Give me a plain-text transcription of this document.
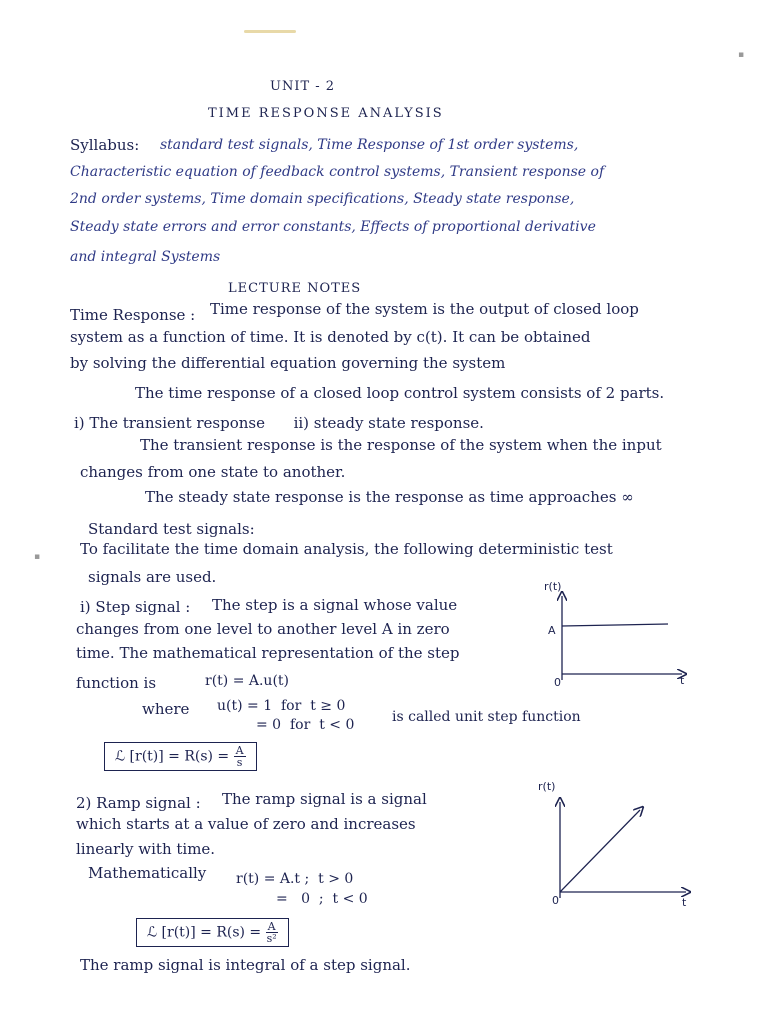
▪
▪
UNIT - 2
TIME RESPONSE ANALYSIS
Syllabus: standard test signals, Time Response of 1st order systems,
Characteristic equation of feedback control systems, Transient response of
2nd order systems, Time domain specifications, Steady state response,
Steady state errors and error constants, Effects of proportional derivative
and integral Systems
LECTURE NOTES
Time Response : Time response of the system is the output of closed loop
system as a function of time. It is denoted by c(t). It can be obtained
by solving the differential equation governing the system
The time response of a closed loop control system consists of 2 parts.
i) The transient response      ii) steady state response.
The transient response is the response of the system when the input
changes from one state to another.
The steady state response is the response as time approaches ∞
Standard test signals:
To facilitate the time domain analysis, the following deterministic test
signals are used.
i) Step signal : The step is a signal whose value
changes from one level to another level A in zero
time. The mathematical representation of the step
function is	r(t) = A.u(t)
where u(t) = 1  for  t ≥ 0
= 0  for  t < 0	is called unit step function
ℒ $[r(t)] = R(s) = \frac{A}{s}$
r(t)
A
0	t
2) Ramp signal : The ramp signal is a signal
which starts at a value of zero and increases
linearly with time.
Mathematically r(t) = A.t ;  t > 0
=   0  ;  t < 0
ℒ $[r(t)] = R(s) = \frac{A}{\text{s²}}$
The ramp signal is integral of a step signal.
r(t)
0	t
